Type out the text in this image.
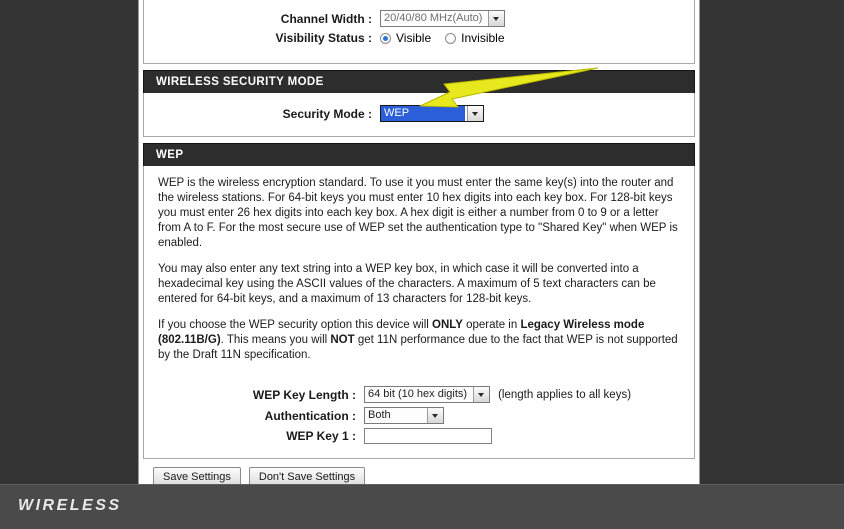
Channel Width :	20/40/80 MHz(Auto)
Visibility Status :	Visible	Invisible
WIRELESS SECURITY MODE
Security Mode :	WEP
WEP

WEP is the wireless encryption standard. To use it you must enter the same key(s) into the router and the wireless stations. For 64-bit keys you must enter 10 hex digits into each key box. For 128-bit keys you must enter 26 hex digits into each key box. A hex digit is either a number from 0 to 9 or a letter from A to F. For the most secure use of WEP set the authentication type to "Shared Key" when WEP is enabled.

You may also enter any text string into a WEP key box, in which case it will be converted into a hexadecimal key using the ASCII values of the characters. A maximum of 5 text characters can be entered for 64-bit keys, and a maximum of 13 characters for 128-bit keys.

If you choose the WEP security option this device will ONLY operate in Legacy Wireless mode (802.11B/G). This means you will NOT get 11N performance due to the fact that WEP is not supported by the Draft 11N specification.

WEP Key Length :	64 bit (10 hex digits)	(length applies to all keys)
Authentication :	Both
WEP Key 1 :
Save Settings	Don't Save Settings
WIRELESS
